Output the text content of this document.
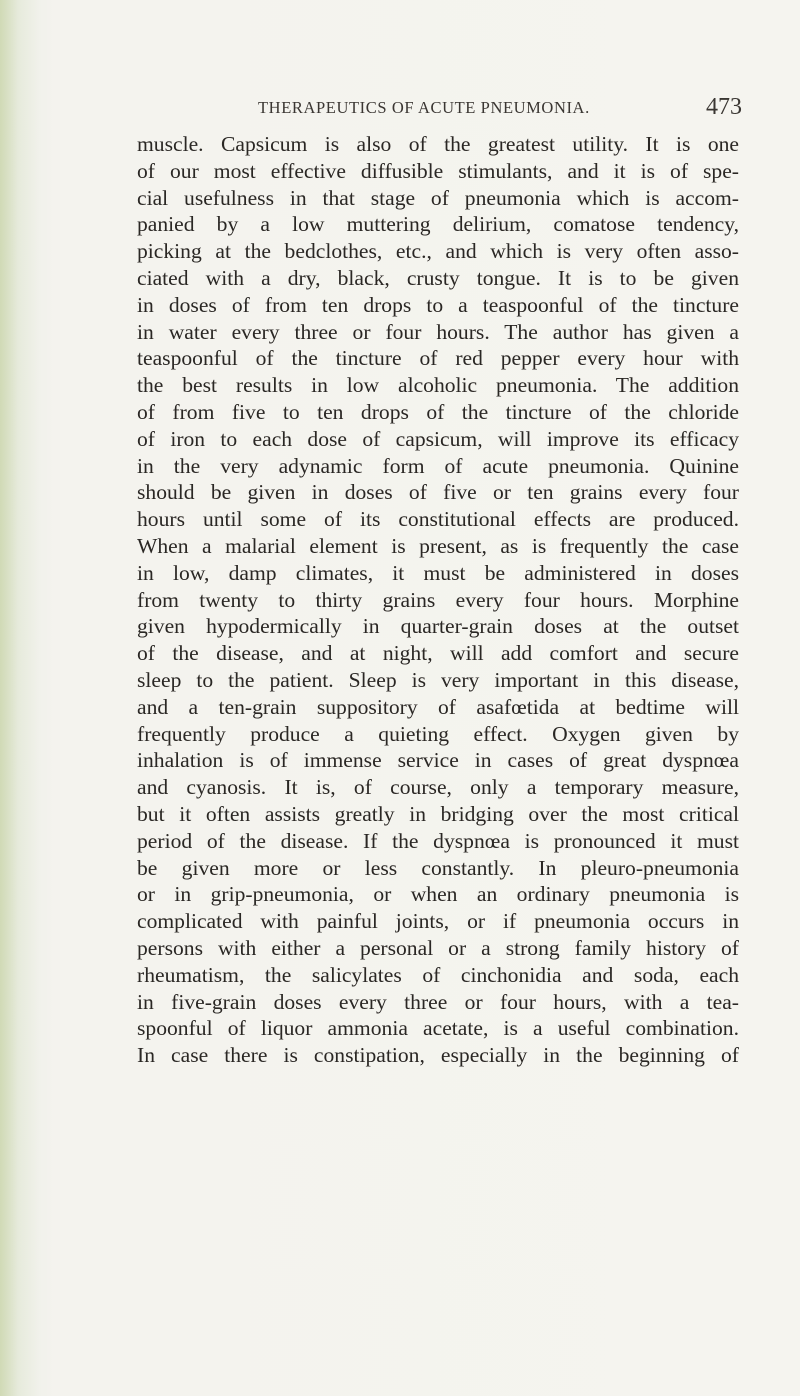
THERAPEUTICS OF ACUTE PNEUMONIA.	473
muscle. Capsicum is also of the greatest utility. It is one
of our most effective diffusible stimulants, and it is of spe-
cial usefulness in that stage of pneumonia which is accom-
panied by a low muttering delirium, comatose tendency,
picking at the bedclothes, etc., and which is very often asso-
ciated with a dry, black, crusty tongue. It is to be given
in doses of from ten drops to a teaspoonful of the tincture
in water every three or four hours. The author has given a
teaspoonful of the tincture of red pepper every hour with
the best results in low alcoholic pneumonia. The addition
of from five to ten drops of the tincture of the chloride
of iron to each dose of capsicum, will improve its efficacy
in the very adynamic form of acute pneumonia. Quinine
should be given in doses of five or ten grains every four
hours until some of its constitutional effects are produced.
When a malarial element is present, as is frequently the case
in low, damp climates, it must be administered in doses
from twenty to thirty grains every four hours. Morphine
given hypodermically in quarter-grain doses at the outset
of the disease, and at night, will add comfort and secure
sleep to the patient. Sleep is very important in this disease,
and a ten-grain suppository of asafœtida at bedtime will
frequently produce a quieting effect. Oxygen given by
inhalation is of immense service in cases of great dyspnœa
and cyanosis. It is, of course, only a temporary measure,
but it often assists greatly in bridging over the most critical
period of the disease. If the dyspnœa is pronounced it must
be given more or less constantly. In pleuro-pneumonia
or in grip-pneumonia, or when an ordinary pneumonia is
complicated with painful joints, or if pneumonia occurs in
persons with either a personal or a strong family history of
rheumatism, the salicylates of cinchonidia and soda, each
in five-grain doses every three or four hours, with a tea-
spoonful of liquor ammonia acetate, is a useful combination.
In case there is constipation, especially in the beginning of
